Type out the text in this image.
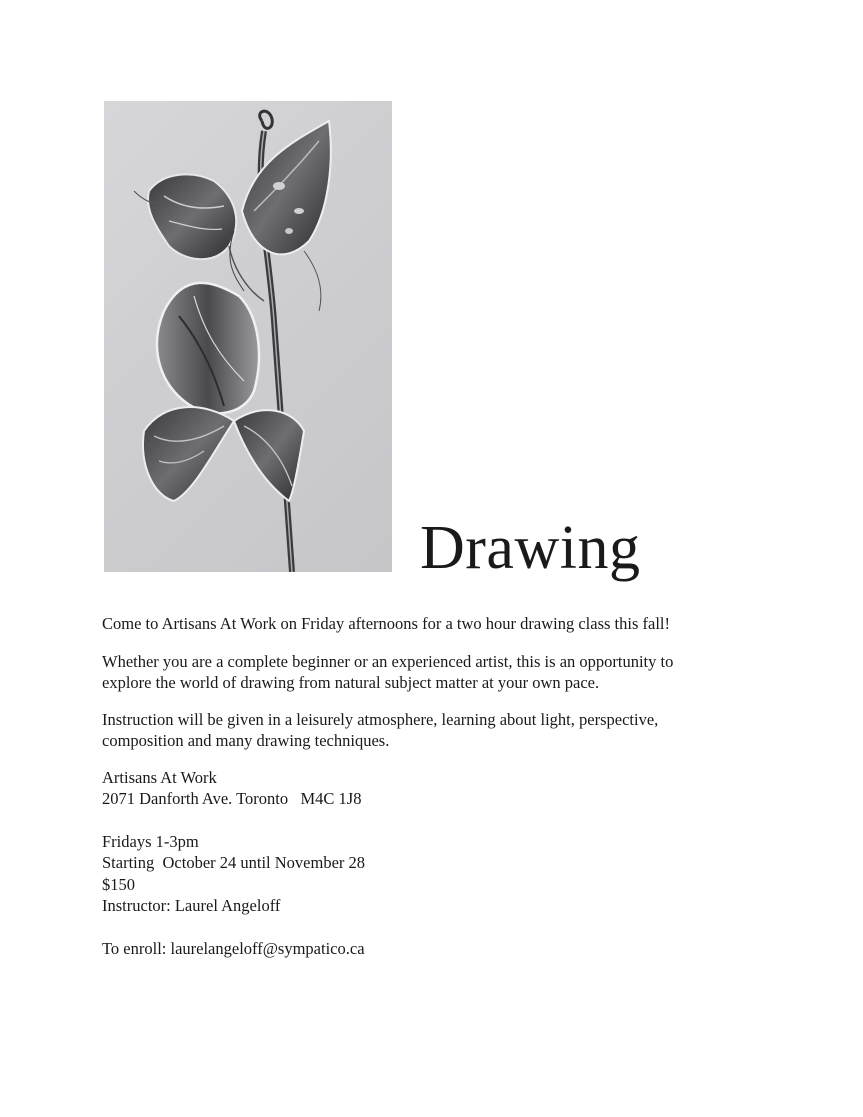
Drawing

Come to Artisans At Work on Friday afternoons for a two hour drawing class this fall!

Whether you are a complete beginner or an experienced artist, this is an opportunity to
explore the world of drawing from natural subject matter at your own pace.

Instruction will be given in a leisurely atmosphere, learning about light, perspective,
composition and many drawing techniques.

Artisans At Work
2071 Danforth Ave. Toronto   M4C 1J8
Fridays 1-3pm
Starting  October 24 until November 28
$150
Instructor: Laurel Angeloff
To enroll: laurelangeloff@sympatico.ca
